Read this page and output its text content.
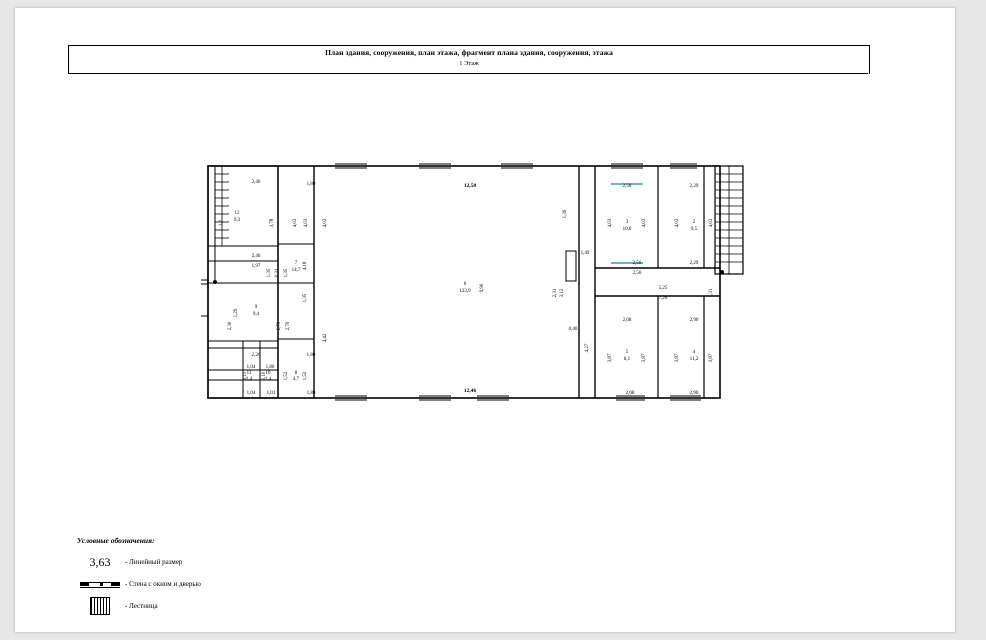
План здания, сооружения, план этажа, фрагмент плана здания, сооружения, этажа
1 Этаж
12
9,3
7
14,7
9
9,4
11
1,4
10
1,4
8
4,7
6
123,9
3
10,6
2
9,5
5
8,1
4
11,2
2,46	1,80	12,50	2,56	2,29
2,46
1,97
1,49
2,56
2,56
2,29
5,25
7,26
0,40
2,26	1,80
1,04 1,80
1,04 1,01	1,80	12,46	2,08	2,90
2,08	2,90
3,78	4,03 4,03	4,03	4,03	4,03	4,03	4,03
1,2
1,39
4,18
9,90
2,31 3,12
1,35 0,33 1,35
1,35
1,31
1,29
2,30	2,70 2,70
4,42
2,11	2,10	1,52	1,52
4,27
3,87	3,87	3,87	3,87
Условные обозначения:
3,63 - Линейный размер
- Стена с окном и дверью
- Лестница
